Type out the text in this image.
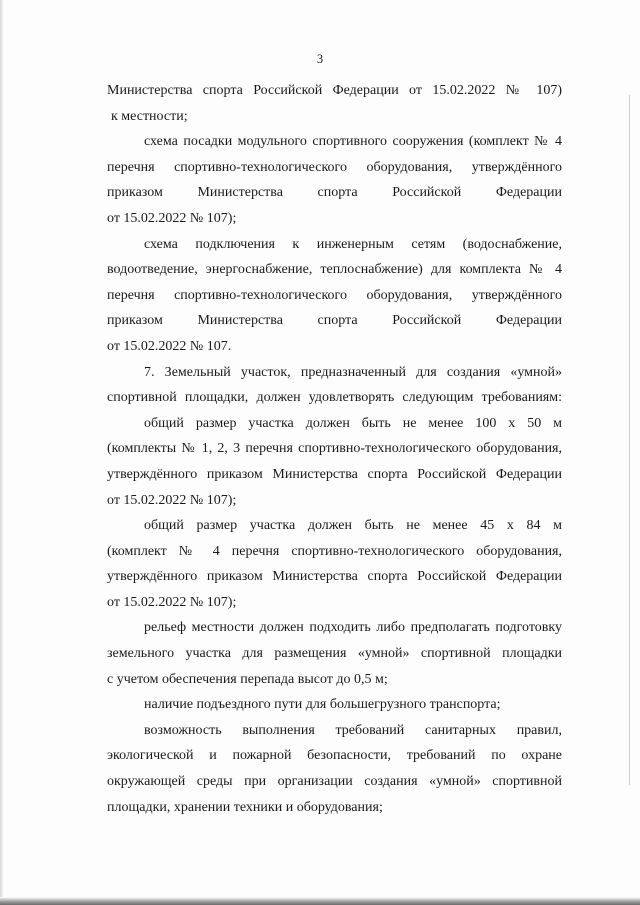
3
Министерства спорта Российской Федерации от 15.02.2022 № 107)
к местности;
схема посадки модульного спортивного сооружения (комплект № 4
перечня спортивно-технологического оборудования, утверждённого
приказом Министерства спорта Российской Федерации
от 15.02.2022 № 107);
схема подключения к инженерным сетям (водоснабжение,
водоотведение, энергоснабжение, теплоснабжение) для комплекта № 4
перечня спортивно-технологического оборудования, утверждённого
приказом Министерства спорта Российской Федерации
от 15.02.2022 № 107.
7. Земельный участок, предназначенный для создания «умной»
спортивной площадки, должен удовлетворять следующим требованиям:
общий размер участка должен быть не менее 100 х 50 м
(комплекты № 1, 2, 3 перечня спортивно-технологического оборудования,
утверждённого приказом Министерства спорта Российской Федерации
от 15.02.2022 № 107);
общий размер участка должен быть не менее 45 х 84 м
(комплект № 4 перечня спортивно-технологического оборудования,
утверждённого приказом Министерства спорта Российской Федерации
от 15.02.2022 № 107);
рельеф местности должен подходить либо предполагать подготовку
земельного участка для размещения «умной» спортивной площадки
с учетом обеспечения перепада высот до 0,5 м;
наличие подъездного пути для большегрузного транспорта;
возможность выполнения требований санитарных правил,
экологической и пожарной безопасности, требований по охране
окружающей среды при организации создания «умной» спортивной
площадки, хранении техники и оборудования;
